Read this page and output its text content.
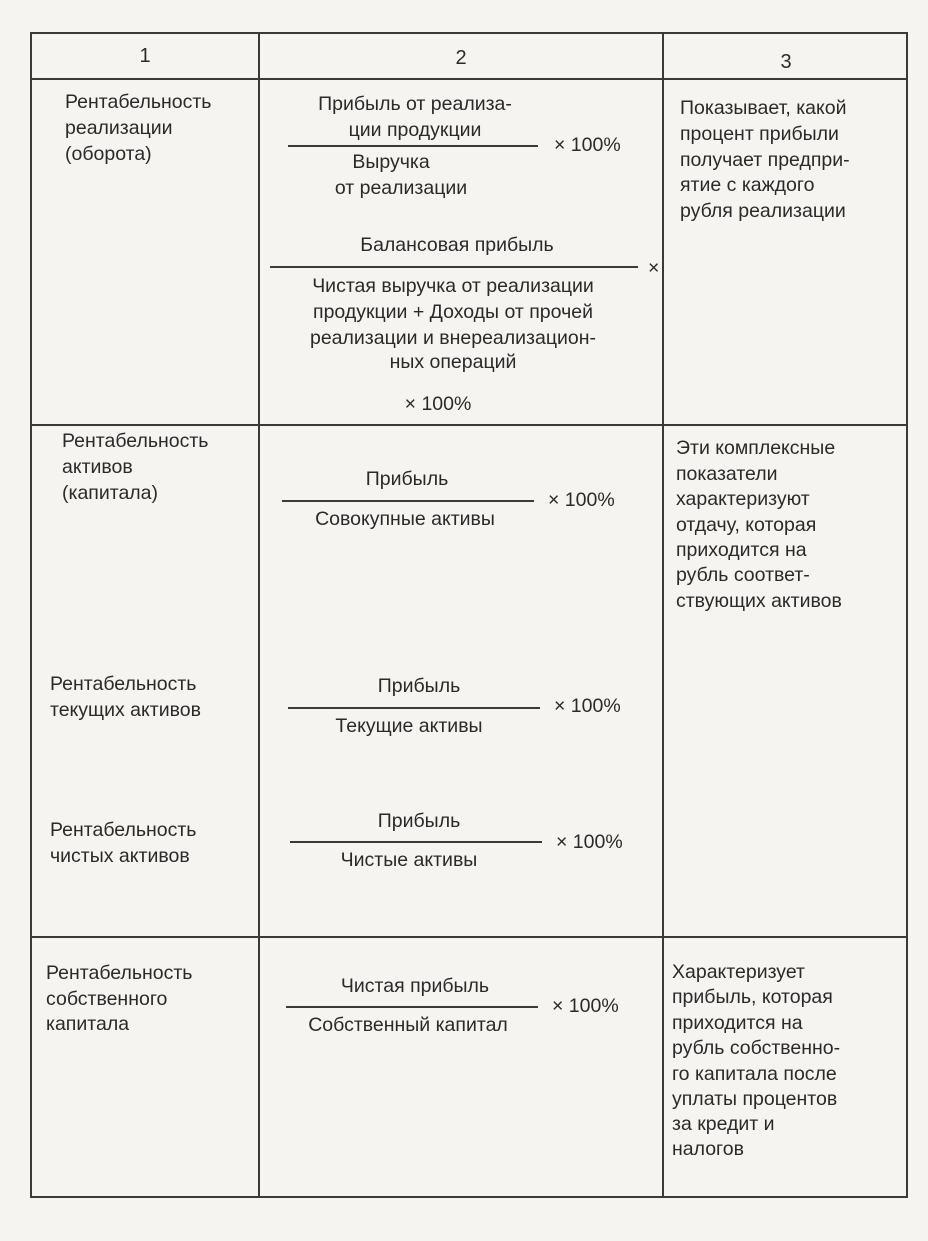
1	2	3
Рентабельность
реализации
(оборота)
Прибыль от реализа-
ции продукции
× 100%
Выручка
от реализации
Балансовая прибыль
×
Чистая выручка от реализации
продукции + Доходы от прочей
реализации и внереализацион-
ных операций
× 100%
Показывает, какой
процент прибыли
получает предпри-
ятие с каждого
рубля реализации
Рентабельность
активов
(капитала)
Прибыль
× 100%
Совокупные активы
Эти комплексные
показатели
характеризуют
отдачу, которая
приходится на
рубль соответ-
ствующих активов
Рентабельность
текущих активов
Прибыль
× 100%
Текущие активы
Рентабельность
чистых активов
Прибыль
× 100%
Чистые активы
Рентабельность
собственного
капитала
Чистая прибыль
× 100%
Собственный капитал
Характеризует
прибыль, которая
приходится на
рубль собственно-
го капитала после
уплаты процентов
за кредит и
налогов
